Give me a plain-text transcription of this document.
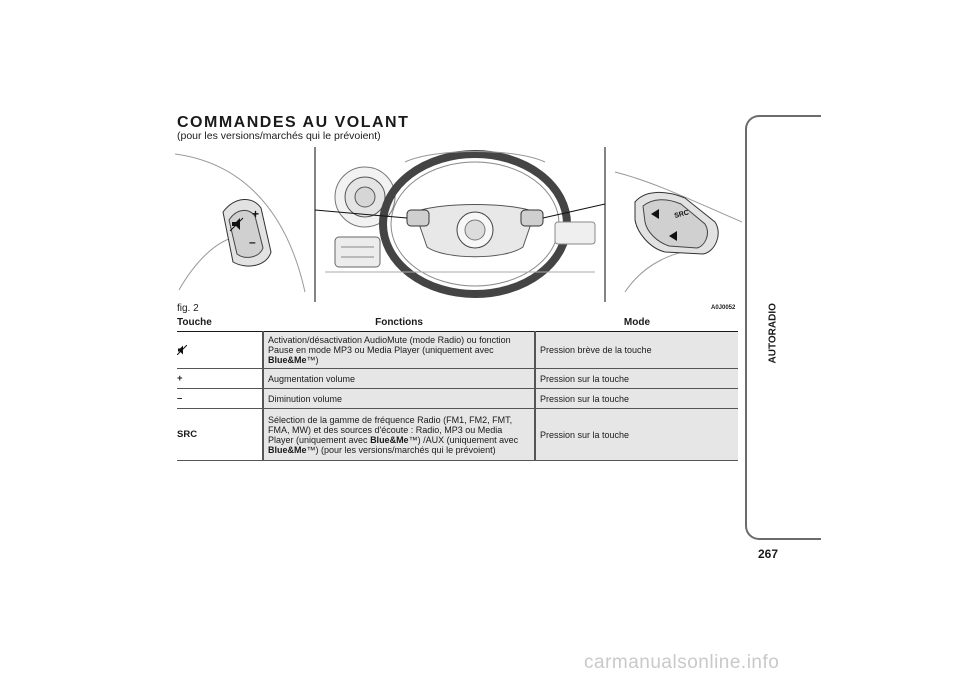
COMMANDES AU VOLANT

(pour les versions/marchés qui le prévoient)

+
–
SRC
fig. 2	A0J0052
Touche	Fonctions	Mode
	Activation/désactivation AudioMute (mode Radio) ou fonction Pause en mode MP3 ou Media Player (uniquement avec Blue&Me™)	Pression brève de la touche
+	Augmentation volume	Pression sur la touche
–	Diminution volume	Pression sur la touche
SRC	Sélection de la gamme de fréquence Radio (FM1, FM2, FMT, FMA, MW) et des sources d'écoute : Radio, MP3 ou Media Player (uniquement avec Blue&Me™) /AUX (uniquement avec Blue&Me™) (pour les versions/marchés qui le prévoient)	Pression sur la touche
AUTORADIO
267
carmanualsonline.info
